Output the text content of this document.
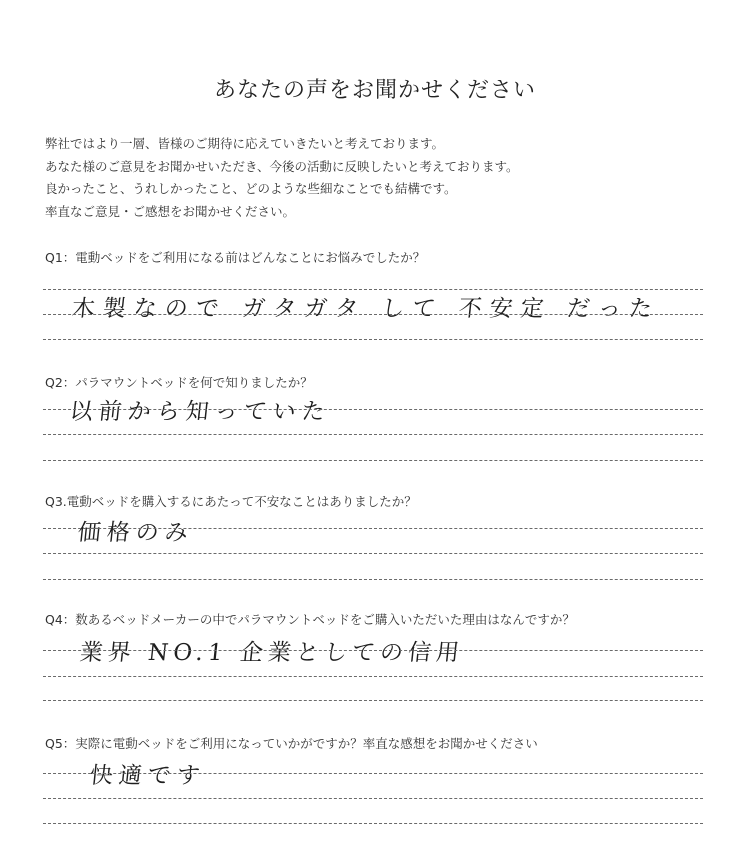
あなたの声をお聞かせください
弊社ではより一層、皆様のご期待に応えていきたいと考えております。
あなた様のご意見をお聞かせいただき、今後の活動に反映したいと考えております。
良かったこと、うれしかったこと、どのような些細なことでも結構です。
率直なご意見・ご感想をお聞かせください。
Q1：電動ベッドをご利用になる前はどんなことにお悩みでしたか？
木製なので ガタガタ して 不安定 だった
Q2：パラマウントベッドを何で知りましたか？
以前から知っていた
Q3.電動ベッドを購入するにあたって不安なことはありましたか？
価格のみ
Q4：数あるベッドメーカーの中でパラマウントベッドをご購入いただいた理由はなんですか？
業界 NO.1 企業としての信用
Q5：実際に電動ベッドをご利用になっていかがですか？率直な感想をお聞かせください
快適です
